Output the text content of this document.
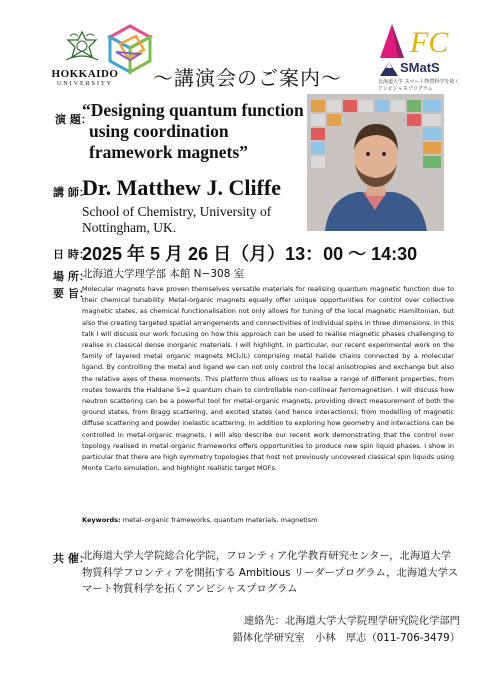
HOKKAIDO
UNIVERSITY
FC
SMatS
北海道大学 スマート物質科学を拓く
アンビシャスプログラム
〜講演会のご案内〜
演 題：
“Designing quantum function
using coordination
framework magnets”
講 師：
Dr. Matthew J. Cliffe
School of Chemistry, University of
Nottingham, UK.
日 時：
2025 年 5 月 26 日（月）13：00 ～ 14:30
場 所：
北海道大学理学部 本館 N−308 室
要 旨：
Molecular magnets have proven themselves versatile materials for realising quantum magnetic function due to their chemical tunability. Metal-organic magnets equally offer unique opportunities for control over collective magnetic states, as chemical functionalisation not only allows for tuning of the local magnetic Hamiltonian, but also the creating targeted spatial arrangements and connectivities of individual spins in three dimensions. In this talk I will discuss our work focusing on how this approach can be used to realise magnetic phases challenging to realise in classical dense inorganic materials. I will highlight, in particular, our recent experimental work on the family of layered metal organic magnets MCl₂(L) comprising metal halide chains connected by a molecular ligand. By controlling the metal and ligand we can not only control the local anisotropies and exchange but also the relative axes of these moments. This platform thus allows us to realise a range of different properties, from routes towards the Haldane S=2 quantum chain to controllable non-collinear ferromagnetism. I will discuss how neutron scattering can be a powerful tool for metal-organic magnets, providing direct measurement of both the ground states, from Bragg scattering, and excited states (and hence interactions), from modelling of magnetic diffuse scattering and powder inelastic scattering. In addition to exploring how geometry and interactions can be controlled in metal-organic magnets, I will also describe our recent work demonstrating that the control over topology realised in metal-organic frameworks offers opportunities to produce new spin liquid phases. I show in particular that there are high symmetry topologies that host not previously uncovered classical spin liquids using Monte Carlo simulation, and highlight realistic target MOFs.
Keywords: metal–organic frameworks, quantum materials, magnetism
共 催：
北海道大学大学院総合化学院，フロンティア化学教育研究センター，北海道大学物質科学フロンティアを開拓する Ambitious リーダープログラム，北海道大学スマート物質科学を拓くアンビシャスプログラム
連絡先：北海道大学大学院理学研究院化学部門
錯体化学研究室　小林　厚志（011-706-3479）
